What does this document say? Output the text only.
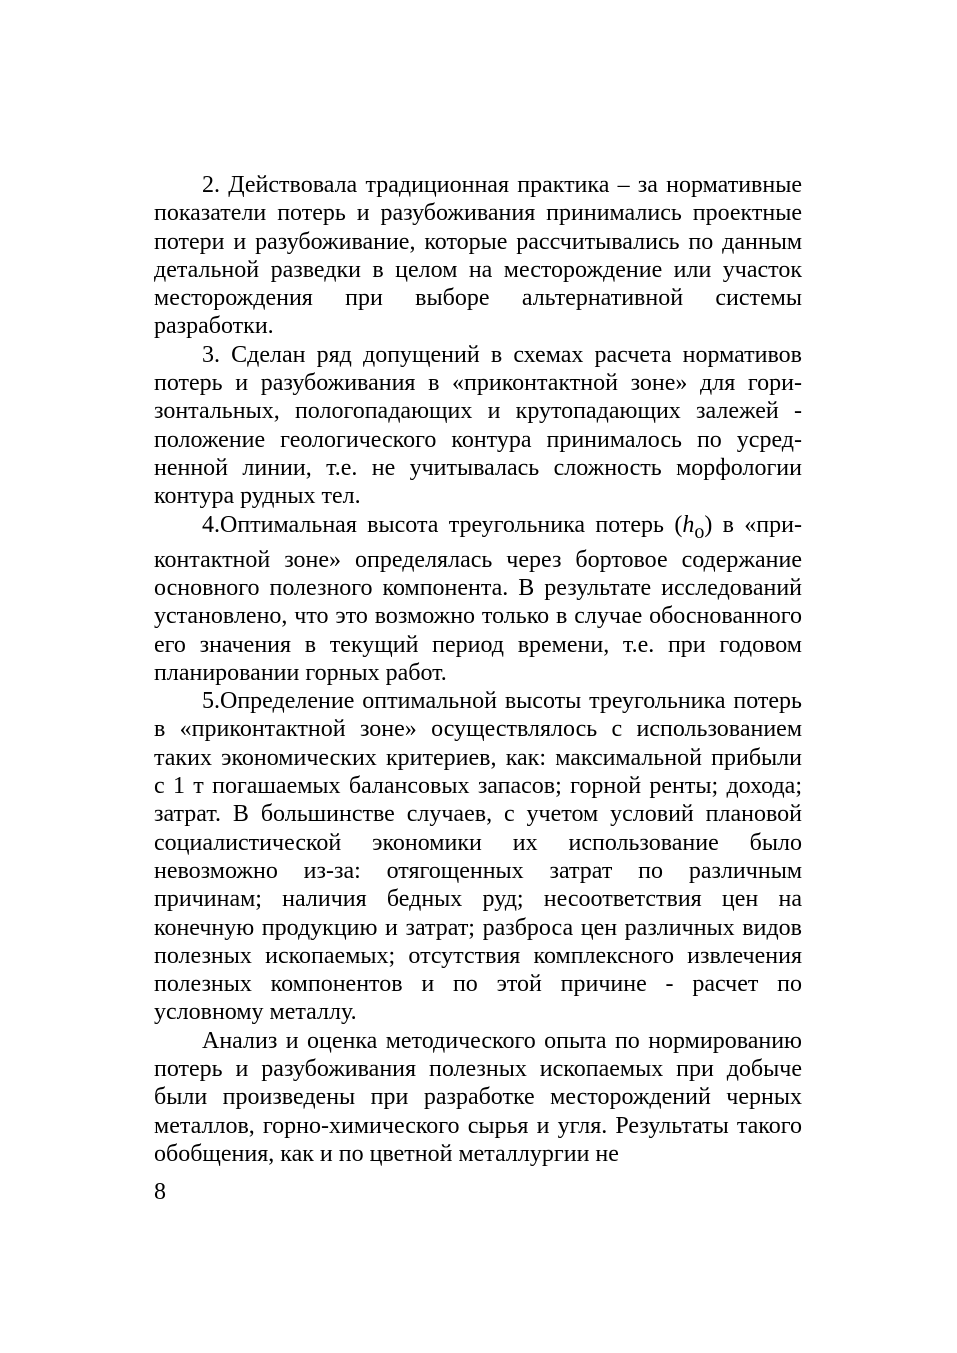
2. Действовала традиционная практика – за нормативные показатели потерь и разубоживания принимались проектные потери и разубоживание, которые рассчитывались по данным детальной разведки в целом на месторождение или участок месторождения при выборе альтернативной системы разработки.

3. Сделан ряд допущений в схемах расчета нормативов потерь и разубоживания в «приконтактной зоне» для горизонтальных, пологопадающих и крутопадающих залежей - положение геологического контура принималось по усредненной линии, т.е. не учитывалась сложность морфологии контура рудных тел.

4.Оптимальная высота треугольника потерь $(h_о)$ в «приконтактной зоне» определялась через бортовое содержание основного полезного компонента. В результате исследований установлено, что это возможно только в случае обоснованного его значения в текущий период времени, т.е. при годовом планировании горных работ.

5.Определение оптимальной высоты треугольника потерь в «приконтактной зоне» осуществлялось с использованием таких экономических критериев, как: максимальной прибыли с 1 т погашаемых балансовых запасов; горной ренты; дохода; затрат. В большинстве случаев, с учетом условий плановой социалистической экономики их использование было невозможно из-за: отягощенных затрат по различным причинам; наличия бедных руд; несоответствия цен на конечную продукцию и затрат; разброса цен различных видов полезных ископаемых; отсутствия комплексного извлечения полезных компонентов и по этой причине - расчет по условному металлу.

Анализ и оценка методического опыта по нормированию потерь и разубоживания полезных ископаемых при добыче были произведены при разработке месторождений черных металлов, горно-химического сырья и угля. Результаты такого обобщения, как и по цветной металлургии не

8
